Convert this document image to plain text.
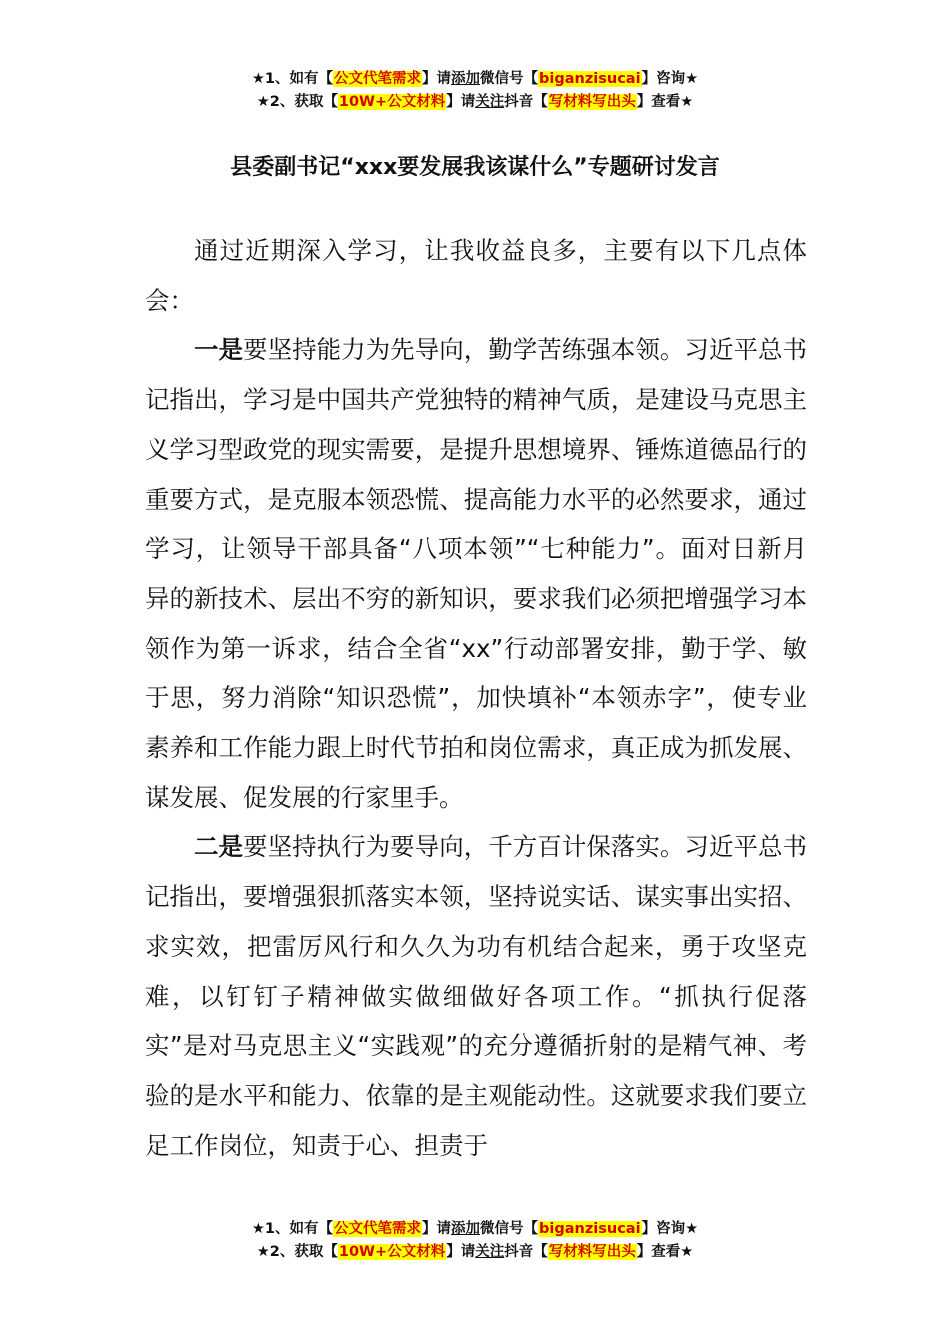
★1、如有【公文代笔需求】请添加微信号【biganzisucai】咨询★
★2、获取【10W+公文材料】请关注抖音【写材料写出头】查看★
县委副书记“xxx要发展我该谋什么”专题研讨发言

通过近期深入学习，让我收益良多，主要有以下几点体会：

一是要坚持能力为先导向，勤学苦练强本领。习近平总书记指出，学习是中国共产党独特的精神气质，是建设马克思主义学习型政党的现实需要，是提升思想境界、锤炼道德品行的重要方式，是克服本领恐慌、提高能力水平的必然要求，通过学习，让领导干部具备“八项本领”“七种能力”。面对日新月异的新技术、层出不穷的新知识，要求我们必须把增强学习本领作为第一诉求，结合全省“xx”行动部署安排，勤于学、敏于思，努力消除“知识恐慌”，加快填补“本领赤字”，使专业素养和工作能力跟上时代节拍和岗位需求，真正成为抓发展、谋发展、促发展的行家里手。

二是要坚持执行为要导向，千方百计保落实。习近平总书记指出，要增强狠抓落实本领，坚持说实话、谋实事出实招、求实效，把雷厉风行和久久为功有机结合起来，勇于攻坚克难，以钉钉子精神做实做细做好各项工作。“抓执行促落实”是对马克思主义“实践观”的充分遵循折射的是精气神、考验的是水平和能力、依靠的是主观能动性。这就要求我们要立足工作岗位，知责于心、担责于

★1、如有【公文代笔需求】请添加微信号【biganzisucai】咨询★
★2、获取【10W+公文材料】请关注抖音【写材料写出头】查看★
